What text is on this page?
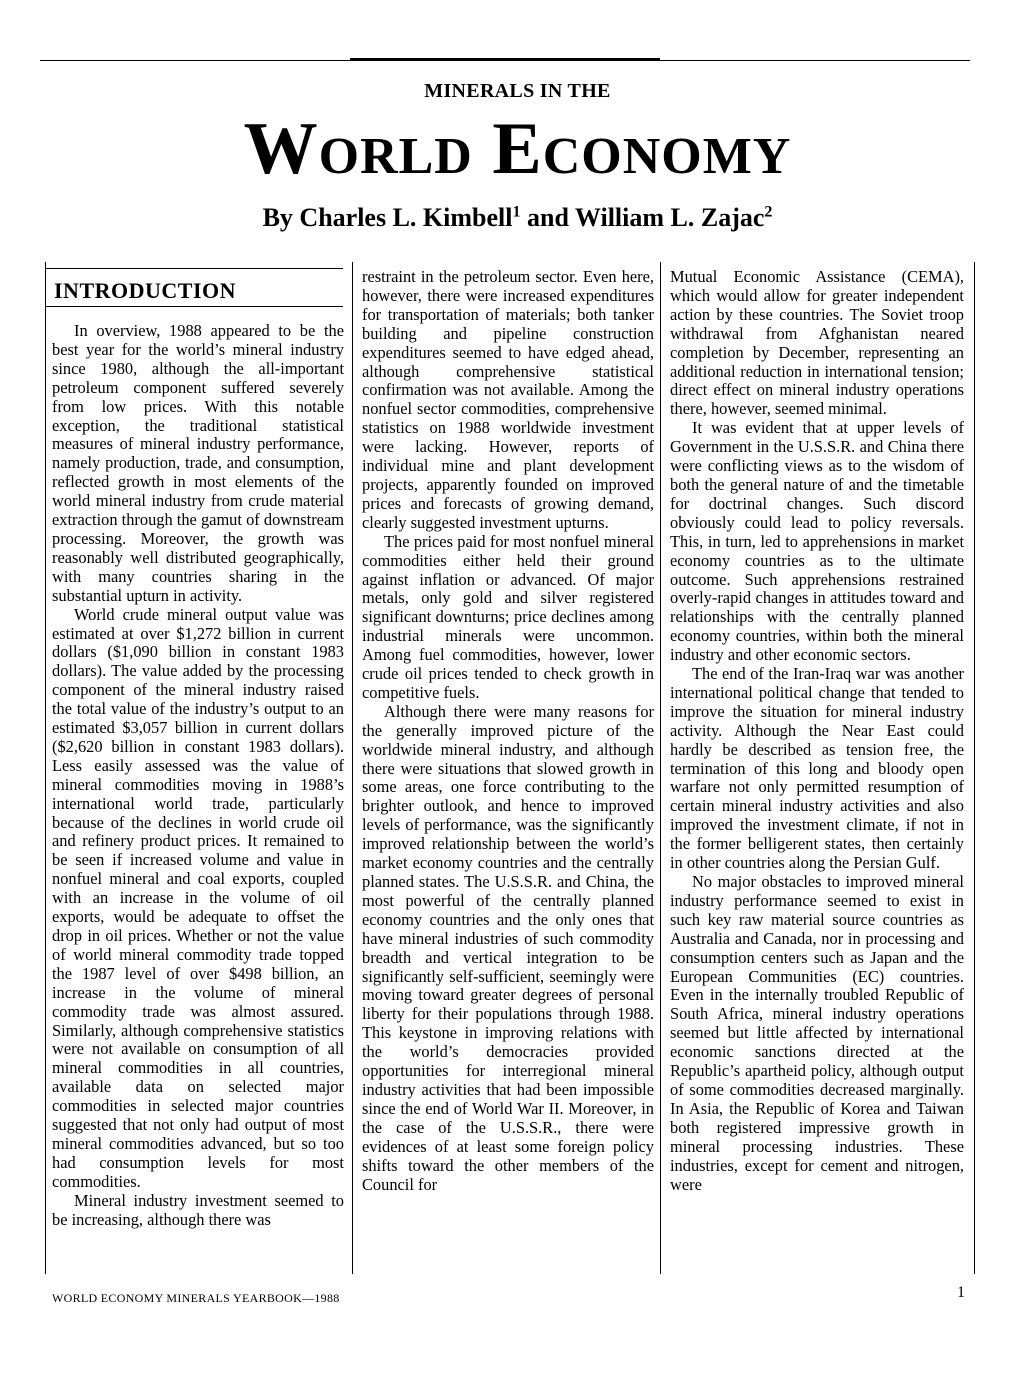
MINERALS IN THE
World Economy
By Charles L. Kimbell$^1$ and William L. Zajac$^2$
INTRODUCTION

In overview, 1988 appeared to be the best year for the world’s mineral industry since 1980, although the all-important petroleum component suffered severely from low prices. With this notable exception, the traditional statistical measures of mineral industry performance, namely production, trade, and consumption, reflected growth in most elements of the world mineral industry from crude material extraction through the gamut of downstream processing. Moreover, the growth was reasonably well distributed geographically, with many countries sharing in the substantial upturn in activity.

World crude mineral output value was estimated at over $1,272 billion in current dollars ($1,090 billion in constant 1983 dollars). The value added by the processing component of the mineral industry raised the total value of the industry’s output to an estimated $3,057 billion in current dollars ($2,620 billion in constant 1983 dollars). Less easily assessed was the value of mineral commodities moving in 1988’s international world trade, particularly because of the declines in world crude oil and refinery product prices. It remained to be seen if increased volume and value in nonfuel mineral and coal exports, coupled with an increase in the volume of oil exports, would be adequate to offset the drop in oil prices. Whether or not the value of world mineral commodity trade topped the 1987 level of over $498 billion, an increase in the volume of mineral commodity trade was almost assured. Similarly, although comprehensive statistics were not available on consumption of all mineral commodities in all countries, available data on selected major commodities in selected major countries suggested that not only had output of most mineral commodities advanced, but so too had consumption levels for most commodities.

Mineral industry investment seemed to be increasing, although there was

restraint in the petroleum sector. Even here, however, there were increased expenditures for transportation of materials; both tanker building and pipeline construction expenditures seemed to have edged ahead, although comprehensive statistical confirmation was not available. Among the nonfuel sector commodities, comprehensive statistics on 1988 worldwide investment were lacking. However, reports of individual mine and plant development projects, apparently founded on improved prices and forecasts of growing demand, clearly suggested investment upturns.

The prices paid for most nonfuel mineral commodities either held their ground against inflation or advanced. Of major metals, only gold and silver registered significant downturns; price declines among industrial minerals were uncommon. Among fuel commodities, however, lower crude oil prices tended to check growth in competitive fuels.

Although there were many reasons for the generally improved picture of the worldwide mineral industry, and although there were situations that slowed growth in some areas, one force contributing to the brighter outlook, and hence to improved levels of performance, was the significantly improved relationship between the world’s market economy countries and the centrally planned states. The U.S.S.R. and China, the most powerful of the centrally planned economy countries and the only ones that have mineral industries of such commodity breadth and vertical integration to be significantly self-sufficient, seemingly were moving toward greater degrees of personal liberty for their populations through 1988. This keystone in improving relations with the world’s democracies provided opportunities for interregional mineral industry activities that had been impossible since the end of World War II. Moreover, in the case of the U.S.S.R., there were evidences of at least some foreign policy shifts toward the other members of the Council for

Mutual Economic Assistance (CEMA), which would allow for greater independent action by these countries. The Soviet troop withdrawal from Afghanistan neared completion by December, representing an additional reduction in international tension; direct effect on mineral industry operations there, however, seemed minimal.

It was evident that at upper levels of Government in the U.S.S.R. and China there were conflicting views as to the wisdom of both the general nature of and the timetable for doctrinal changes. Such discord obviously could lead to policy reversals. This, in turn, led to apprehensions in market economy countries as to the ultimate outcome. Such apprehensions restrained overly-rapid changes in attitudes toward and relationships with the centrally planned economy countries, within both the mineral industry and other economic sectors.

The end of the Iran-Iraq war was another international political change that tended to improve the situation for mineral industry activity. Although the Near East could hardly be described as tension free, the termination of this long and bloody open warfare not only permitted resumption of certain mineral industry activities and also improved the investment climate, if not in the former belligerent states, then certainly in other countries along the Persian Gulf.

No major obstacles to improved mineral industry performance seemed to exist in such key raw material source countries as Australia and Canada, nor in processing and consumption centers such as Japan and the European Communities (EC) countries. Even in the internally troubled Republic of South Africa, mineral industry operations seemed but little affected by international economic sanctions directed at the Republic’s apartheid policy, although output of some commodities decreased marginally. In Asia, the Republic of Korea and Taiwan both registered impressive growth in mineral processing industries. These industries, except for cement and nitrogen, were

WORLD ECONOMY MINERALS YEARBOOK—1988	1
